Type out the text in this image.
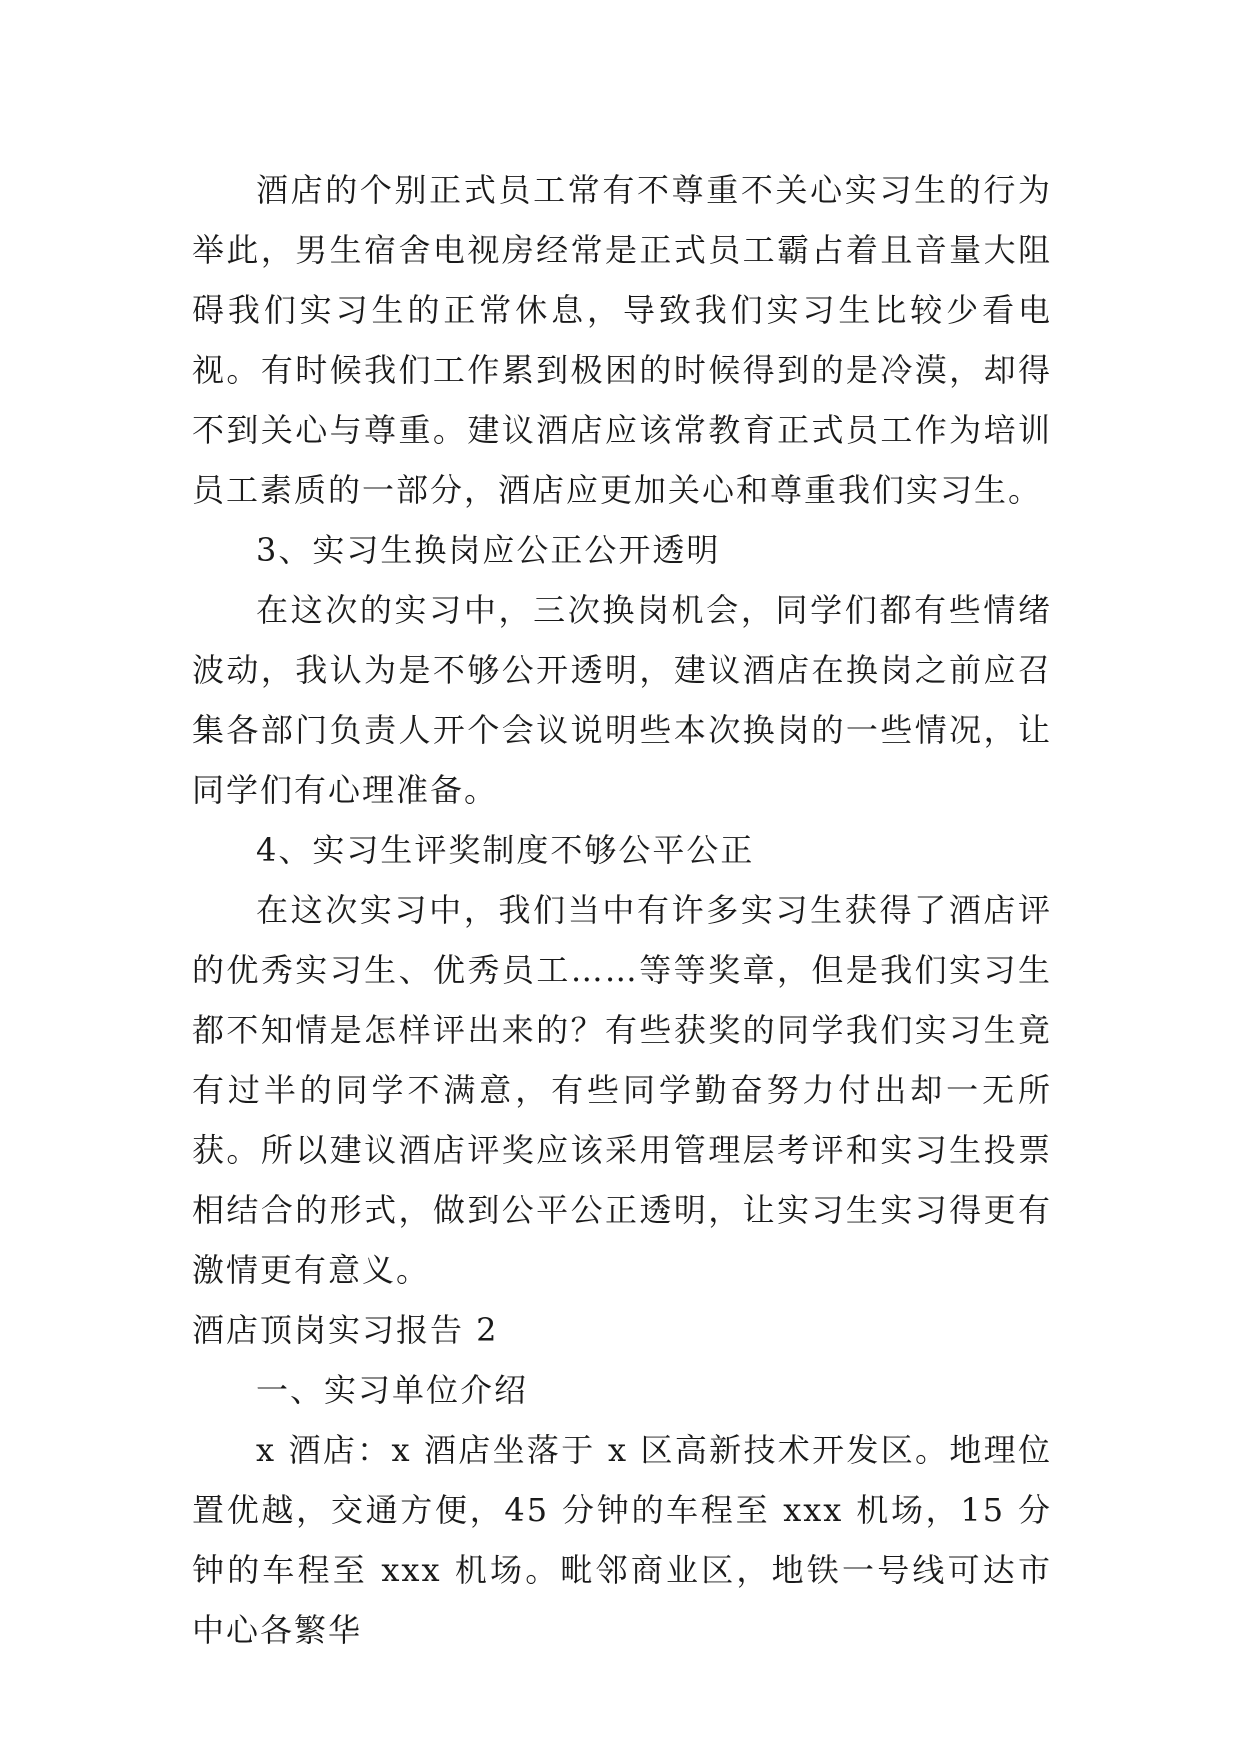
酒店的个别正式员工常有不尊重不关心实习生的行为举此，男生宿舍电视房经常是正式员工霸占着且音量大阻碍我们实习生的正常休息，导致我们实习生比较少看电视。有时候我们工作累到极困的时候得到的是冷漠，却得不到关心与尊重。建议酒店应该常教育正式员工作为培训员工素质的一部分，酒店应更加关心和尊重我们实习生。

3、实习生换岗应公正公开透明

在这次的实习中，三次换岗机会，同学们都有些情绪波动，我认为是不够公开透明，建议酒店在换岗之前应召集各部门负责人开个会议说明些本次换岗的一些情况，让同学们有心理准备。

4、实习生评奖制度不够公平公正

在这次实习中，我们当中有许多实习生获得了酒店评的优秀实习生、优秀员工……等等奖章，但是我们实习生都不知情是怎样评出来的？有些获奖的同学我们实习生竟有过半的同学不满意，有些同学勤奋努力付出却一无所获。所以建议酒店评奖应该采用管理层考评和实习生投票相结合的形式，做到公平公正透明，让实习生实习得更有激情更有意义。

酒店顶岗实习报告 2

一、实习单位介绍

x 酒店：x 酒店坐落于 x 区高新技术开发区。地理位置优越，交通方便，45 分钟的车程至 xxx 机场，15 分钟的车程至 xxx 机场。毗邻商业区，地铁一号线可达市中心各繁华
